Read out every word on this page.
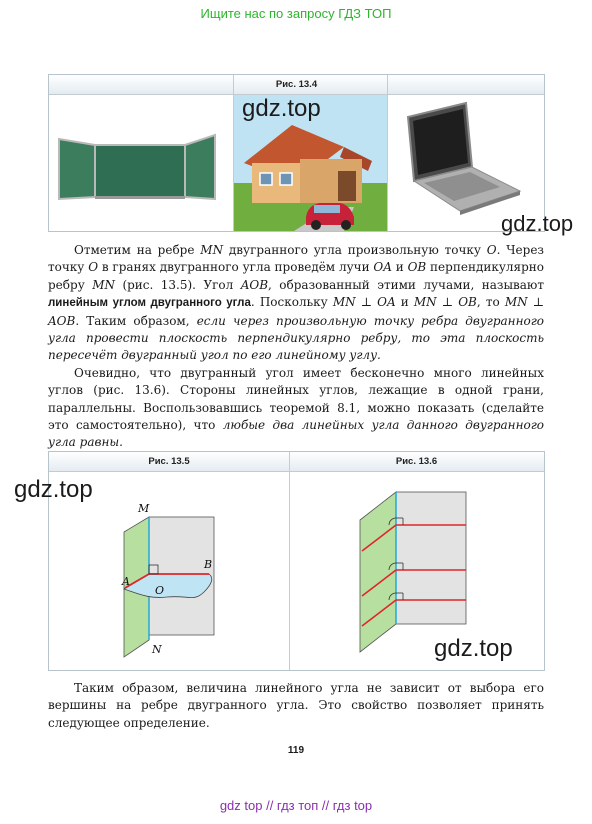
Ищите нас по запросу ГДЗ ТОП
Рис. 13.4
gdz.top
gdz.top

Отметим на ребре MN двугранного угла произвольную точку O. Через точку O в гранях двугранного угла проведём лучи OA и OB перпендикулярно ребру MN (рис. 13.5). Угол AOB, образованный этими лучами, называют линейным углом двугранного угла. Поскольку MN ⊥ OA и MN ⊥ OB, то MN ⊥ AOB. Таким образом, если через произвольную точку ребра двугранного угла провести плоскость перпендикулярно ребру, то эта плоскость пересечёт двугранный угол по его линейному углу.

Очевидно, что двугранный угол имеет бесконечно много линейных углов (рис. 13.6). Стороны линейных углов, лежащие в одной грани, параллельны. Воспользовавшись теоремой 8.1, можно показать (сделайте это самостоятельно), что любые два линейных угла данного двугранного угла равны.

Рис. 13.5	Рис. 13.6
M
N
O
A
B
gdz.top
gdz.top

Таким образом, величина линейного угла не зависит от выбора его вершины на ребре двугранного угла. Это свойство позволяет принять следующее определение.

119
gdz top // гдз топ // гдз top
